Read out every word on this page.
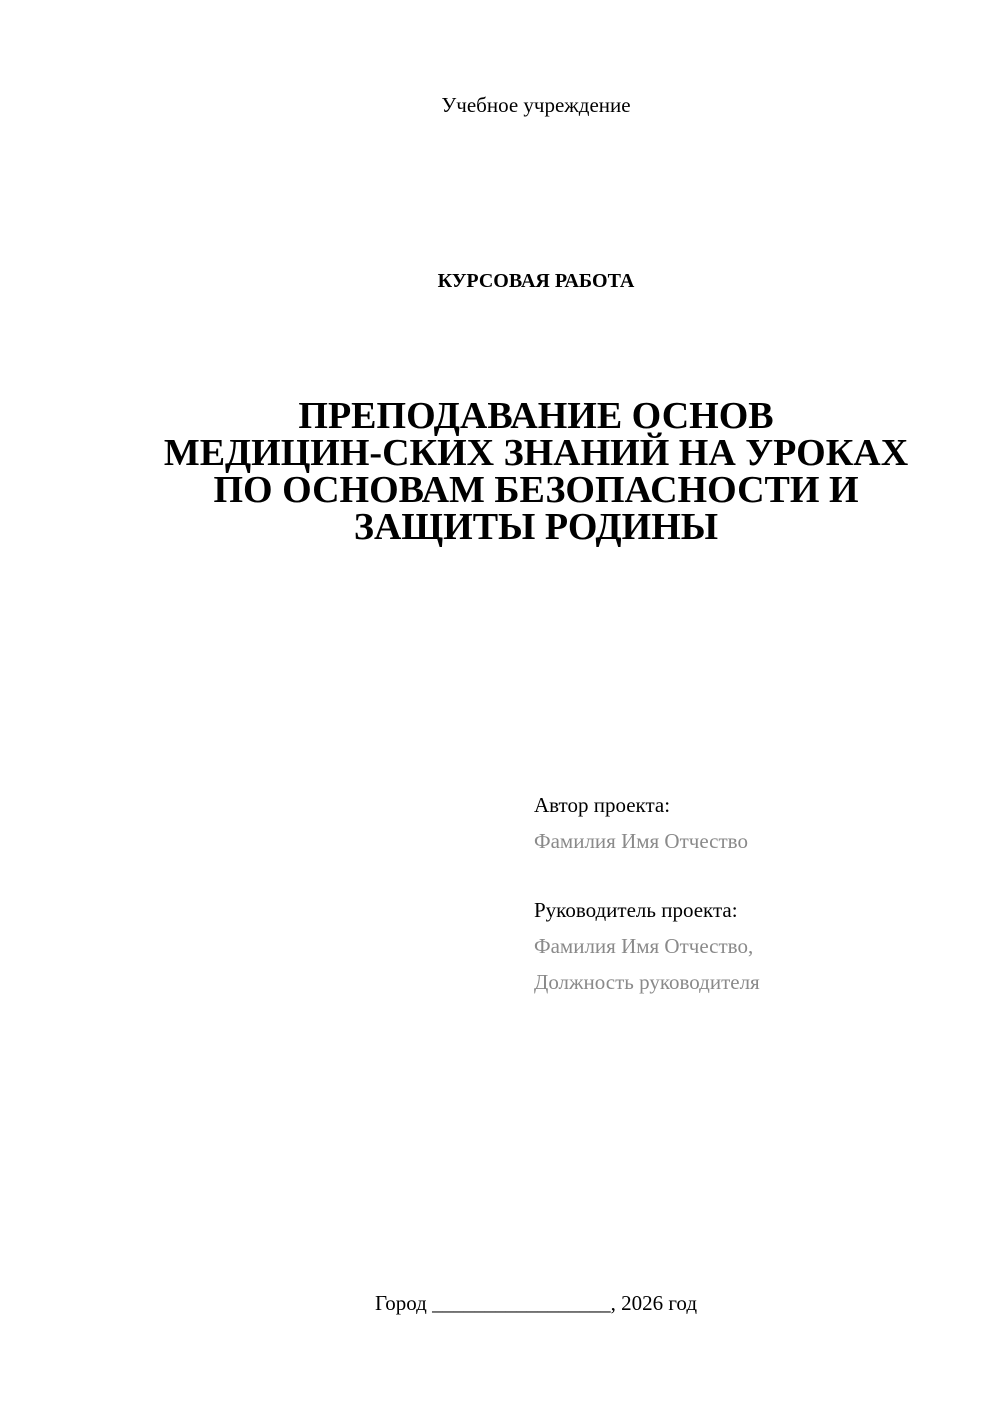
Учебное учреждение
КУРСОВАЯ РАБОТА
ПРЕПОДАВАНИЕ ОСНОВ
МЕДИЦИН-СКИХ ЗНАНИЙ НА УРОКАХ
ПО ОСНОВАМ БЕЗОПАСНОСТИ И
ЗАЩИТЫ РОДИНЫ
Автор проекта:
Фамилия Имя Отчество
Руководитель проекта:
Фамилия Имя Отчество,
Должность руководителя
Город _________________, 2026 год
